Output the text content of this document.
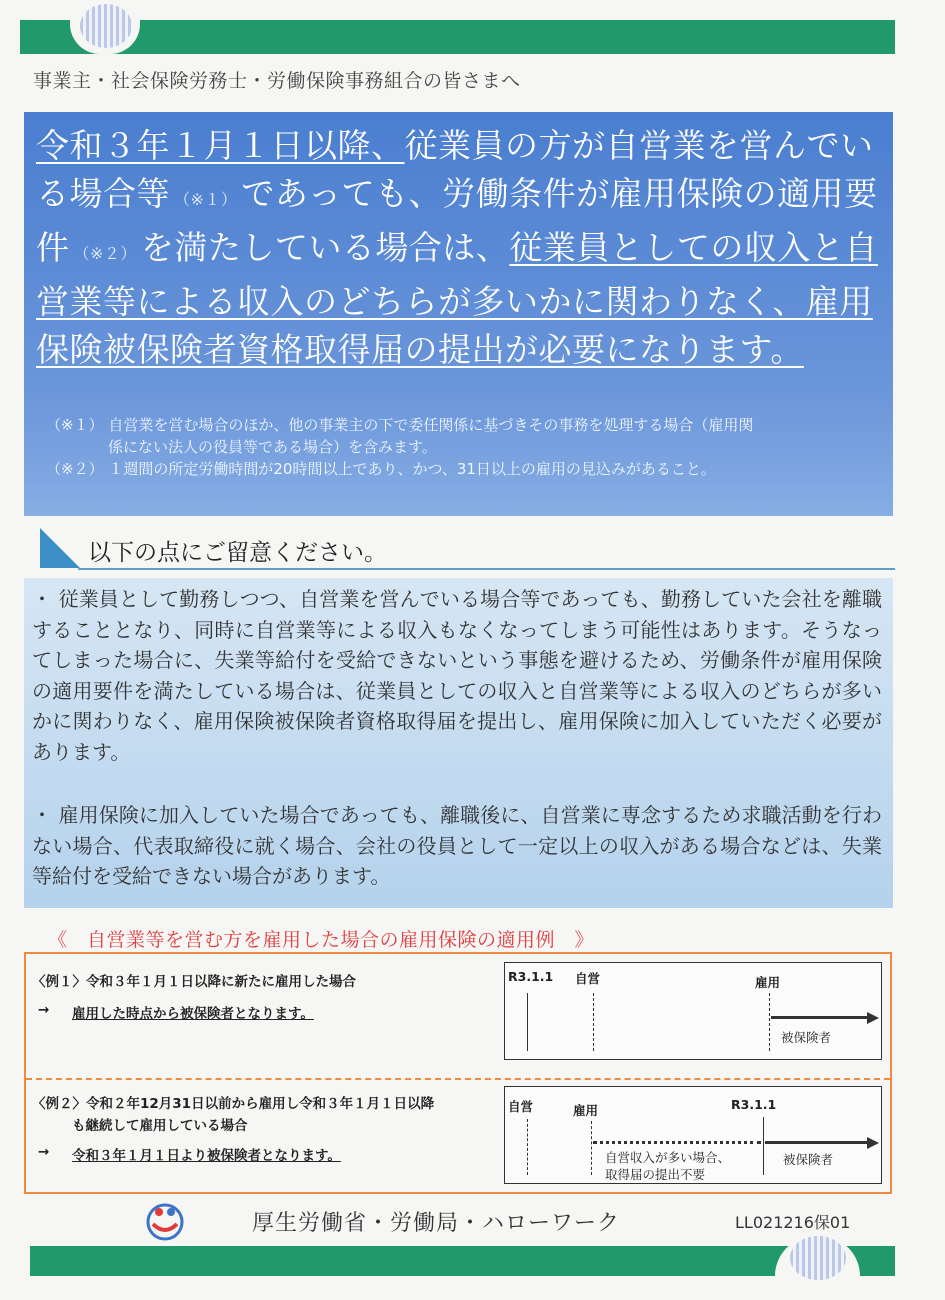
事業主・社会保険労務士・労働保険事務組合の皆さまへ
令和３年１月１日以降、従業員の方が自営業を営んでいる場合等 （※１） であっても、労働条件が雇用保険の適用要件 （※２） を満たしている場合は、従業員としての収入と自営業等による収入のどちらが多いかに関わりなく、雇用保険被保険者資格取得届の提出が必要になります。
（※１） 自営業を営む場合のほか、他の事業主の下で委任関係に基づきその事務を処理する場合（雇用関
係にない法人の役員等である場合）を含みます。
（※２） １週間の所定労働時間が20時間以上であり、かつ、31日以上の雇用の見込みがあること。
以下の点にご留意ください。

・ 従業員として勤務しつつ、自営業を営んでいる場合等であっても、勤務していた会社を離職することとなり、同時に自営業等による収入もなくなってしまう可能性はあります。そうなってしまった場合に、失業等給付を受給できないという事態を避けるため、労働条件が雇用保険の適用要件を満たしている場合は、従業員としての収入と自営業等による収入のどちらが多いかに関わりなく、雇用保険被保険者資格取得届を提出し、雇用保険に加入していただく必要があります。

・ 雇用保険に加入していた場合であっても、離職後に、自営業に専念するため求職活動を行わない場合、代表取締役に就く場合、会社の役員として一定以上の収入がある場合などは、失業等給付を受給できない場合があります。

《　自営業等を営む方を雇用した場合の雇用保険の適用例　》
〈例１〉令和３年１月１日以降に新たに雇用した場合
→ 雇用した時点から被保険者となります。
R3.1.1 自営	雇用
被保険者
〈例２〉令和２年12月31日以前から雇用し令和３年１月１日以降
も継続して雇用している場合
→ 令和３年１月１日より被保険者となります。
自営	雇用	R3.1.1
自営収入が多い場合、
取得届の提出不要
被保険者
厚生労働省・労働局・ハローワーク	LL021216保01
